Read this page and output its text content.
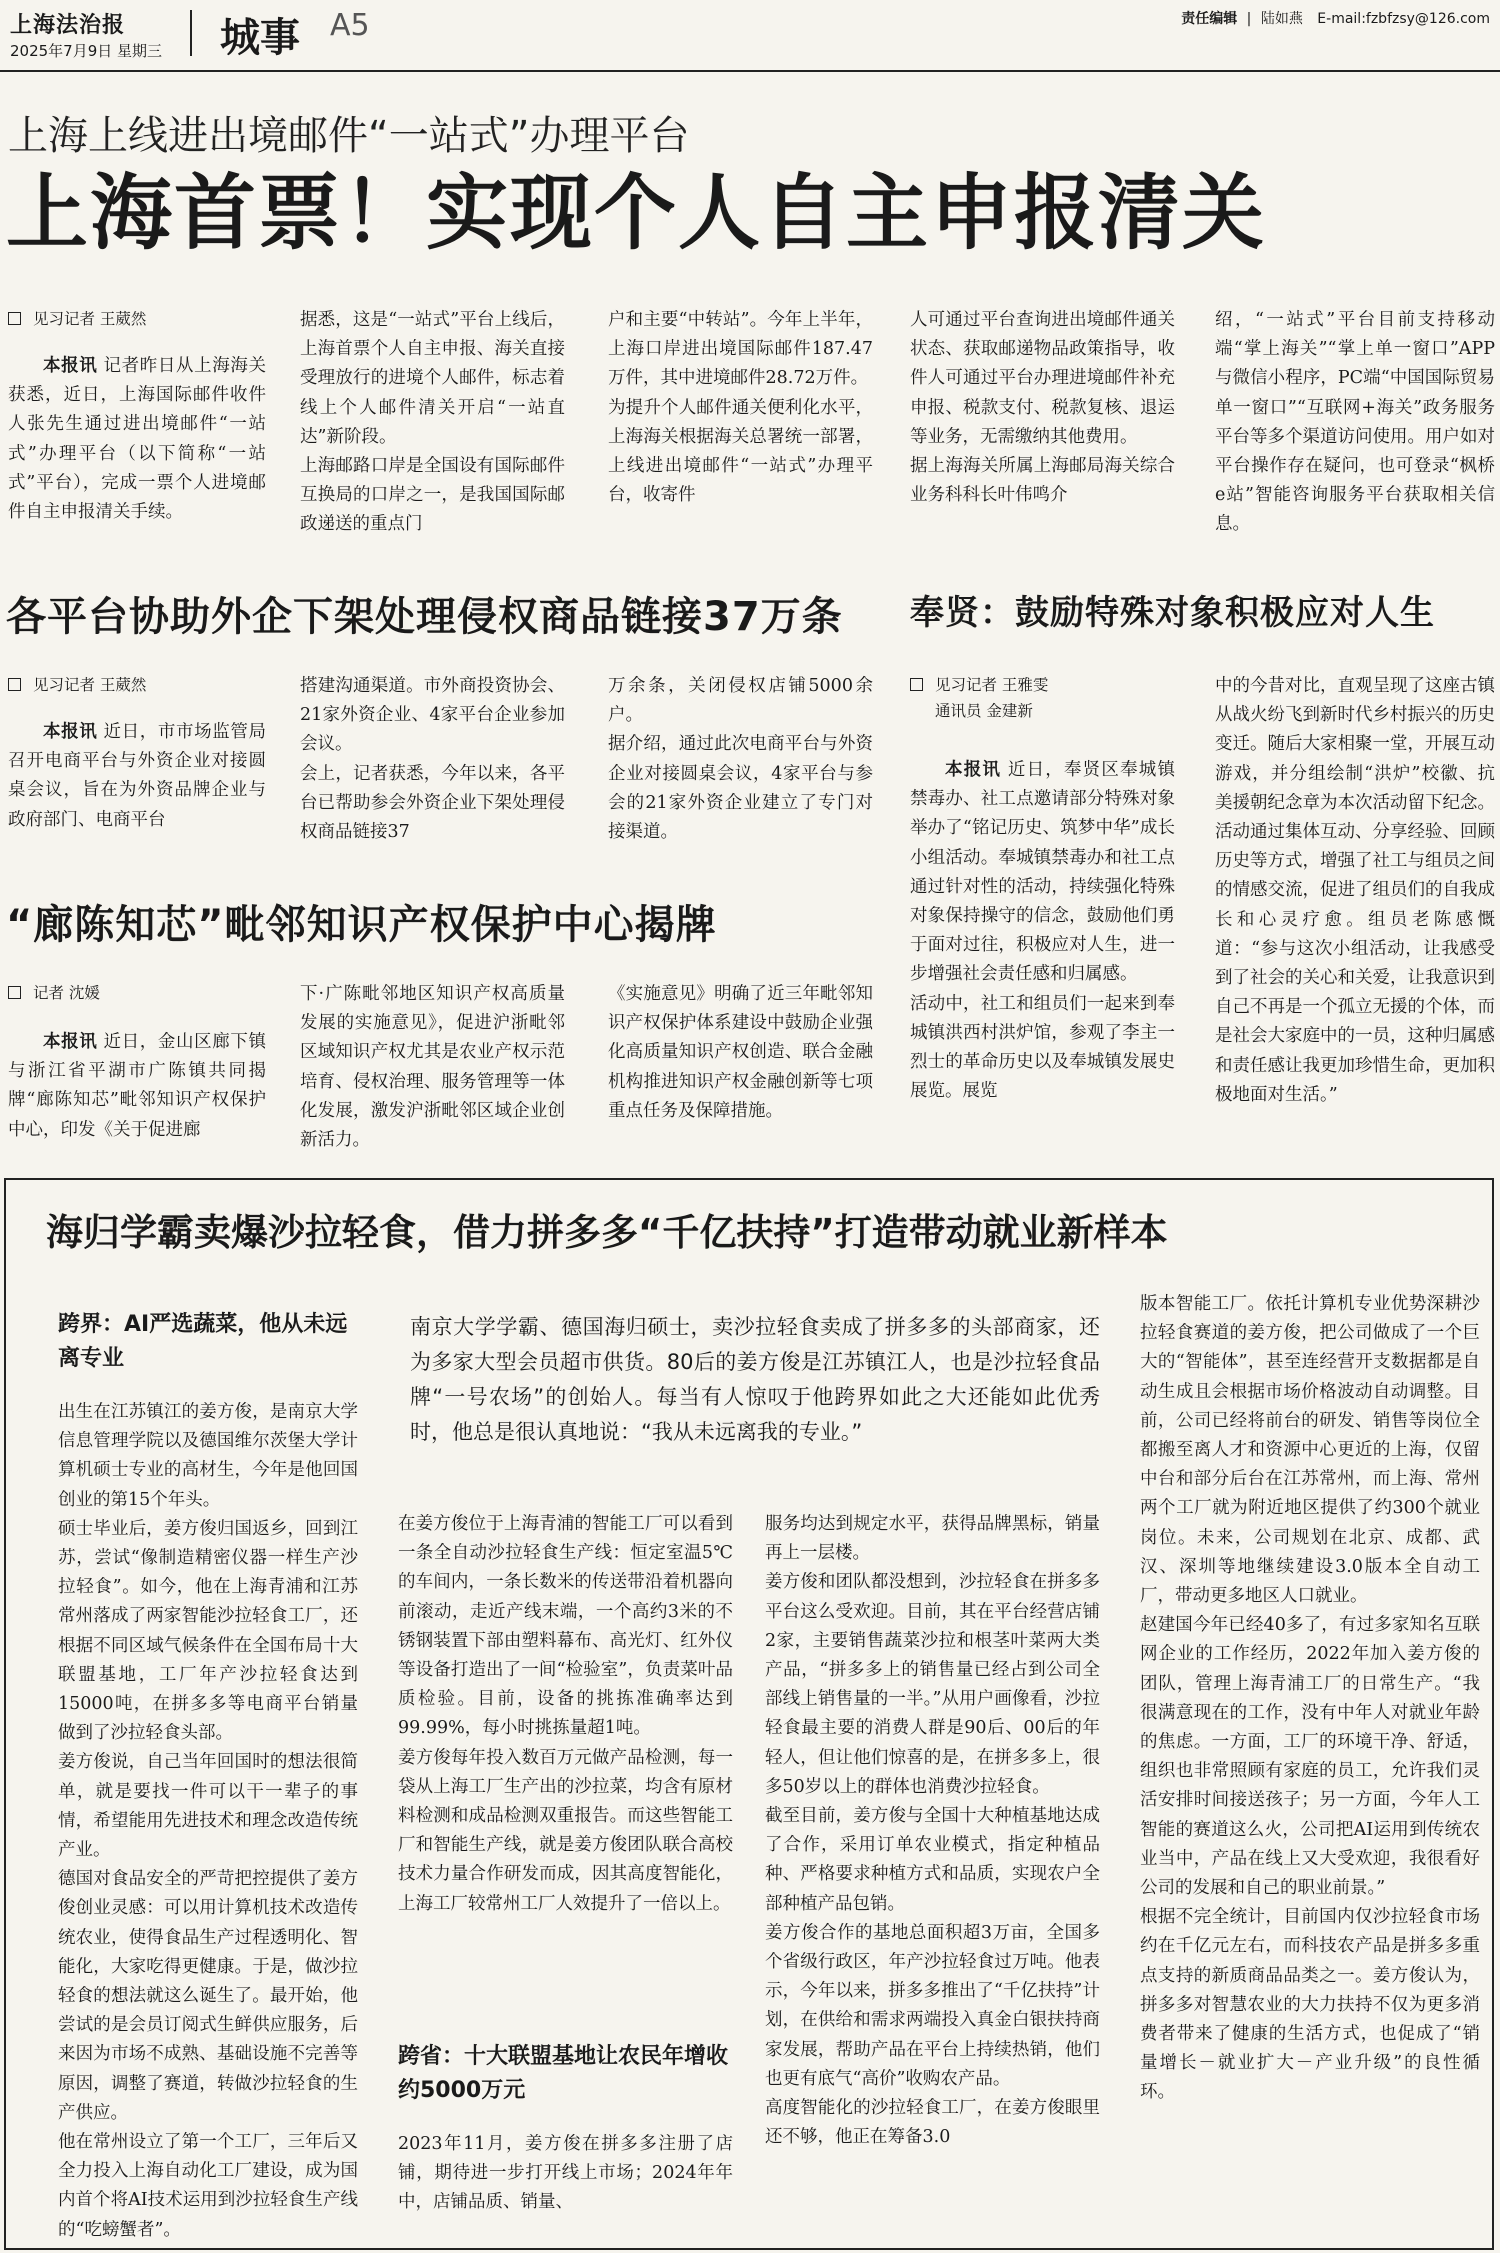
上海法治报
2025年7月9日 星期三 城事 A5	责任编辑 | 陆如燕 E-mail:fzbfzsy@126.com
上海上线进出境邮件“一站式”办理平台
上海首票！实现个人自主申报清关
见习记者 王葳然

本报讯 记者昨日从上海海关获悉，近日，上海国际邮件收件人张先生通过进出境邮件“一站式”办理平台（以下简称“一站式”平台），完成一票个人进境邮件自主申报清关手续。

据悉，这是“一站式”平台上线后，上海首票个人自主申报、海关直接受理放行的进境个人邮件，标志着线上个人邮件清关开启“一站直达”新阶段。
上海邮路口岸是全国设有国际邮件互换局的口岸之一，是我国国际邮政递送的重点门
户和主要“中转站”。今年上半年，上海口岸进出境国际邮件187.47万件，其中进境邮件28.72万件。
为提升个人邮件通关便利化水平，上海海关根据海关总署统一部署，上线进出境邮件“一站式”办理平台，收寄件
人可通过平台查询进出境邮件通关状态、获取邮递物品政策指导，收件人可通过平台办理进境邮件补充申报、税款支付、税款复核、退运等业务，无需缴纳其他费用。
据上海海关所属上海邮局海关综合业务科科长叶伟鸣介
绍，“一站式”平台目前支持移动端“掌上海关”“掌上单一窗口”APP与微信小程序，PC端“中国国际贸易单一窗口”“互联网+海关”政务服务平台等多个渠道访问使用。用户如对平台操作存在疑问，也可登录“枫桥e站”智能咨询服务平台获取相关信息。
各平台协助外企下架处理侵权商品链接37万条
见习记者 王葳然

本报讯 近日，市市场监管局召开电商平台与外资企业对接圆桌会议，旨在为外资品牌企业与政府部门、电商平台

搭建沟通渠道。市外商投资协会、21家外资企业、4家平台企业参加会议。
会上，记者获悉，今年以来，各平台已帮助参会外资企业下架处理侵权商品链接37
万余条，关闭侵权店铺5000余户。
据介绍，通过此次电商平台与外资企业对接圆桌会议，4家平台与参会的21家外资企业建立了专门对接渠道。
“廊陈知芯”毗邻知识产权保护中心揭牌
记者 沈媛

本报讯 近日，金山区廊下镇与浙江省平湖市广陈镇共同揭牌“廊陈知芯”毗邻知识产权保护中心，印发《关于促进廊

下·广陈毗邻地区知识产权高质量发展的实施意见》，促进沪浙毗邻区域知识产权尤其是农业产权示范培育、侵权治理、服务管理等一体化发展，激发沪浙毗邻区域企业创新活力。
《实施意见》明确了近三年毗邻知识产权保护体系建设中鼓励企业强化高质量知识产权创造、联合金融机构推进知识产权金融创新等七项重点任务及保障措施。
奉贤：鼓励特殊对象积极应对人生
见习记者 王雅雯
通讯员 金建新
本报讯 近日，奉贤区奉城镇禁毒办、社工点邀请部分特殊对象举办了“铭记历史、筑梦中华”成长小组活动。奉城镇禁毒办和社工点通过针对性的活动，持续强化特殊对象保持操守的信念，鼓励他们勇于面对过往，积极应对人生，进一步增强社会责任感和归属感。
活动中，社工和组员们一起来到奉城镇洪西村洪炉馆，参观了李主一烈士的革命历史以及奉城镇发展史展览。展览
中的今昔对比，直观呈现了这座古镇从战火纷飞到新时代乡村振兴的历史变迁。随后大家相聚一堂，开展互动游戏，并分组绘制“洪炉”校徽、抗美援朝纪念章为本次活动留下纪念。活动通过集体互动、分享经验、回顾历史等方式，增强了社工与组员之间的情感交流，促进了组员们的自我成长和心灵疗愈。组员老陈感慨道：“参与这次小组活动，让我感受到了社会的关心和关爱，让我意识到自己不再是一个孤立无援的个体，而是社会大家庭中的一员，这种归属感和责任感让我更加珍惜生命，更加积极地面对生活。”
海归学霸卖爆沙拉轻食，借力拼多多“千亿扶持”打造带动就业新样本
跨界：AI严选蔬菜，他从未远离专业
出生在江苏镇江的姜方俊，是南京大学信息管理学院以及德国维尔茨堡大学计算机硕士专业的高材生，今年是他回国创业的第15个年头。
硕士毕业后，姜方俊归国返乡，回到江苏，尝试“像制造精密仪器一样生产沙拉轻食”。如今，他在上海青浦和江苏常州落成了两家智能沙拉轻食工厂，还根据不同区域气候条件在全国布局十大联盟基地，工厂年产沙拉轻食达到15000吨，在拼多多等电商平台销量做到了沙拉轻食头部。
姜方俊说，自己当年回国时的想法很简单，就是要找一件可以干一辈子的事情，希望能用先进技术和理念改造传统产业。
德国对食品安全的严苛把控提供了姜方俊创业灵感：可以用计算机技术改造传统农业，使得食品生产过程透明化、智能化，大家吃得更健康。于是，做沙拉轻食的想法就这么诞生了。最开始，他尝试的是会员订阅式生鲜供应服务，后来因为市场不成熟、基础设施不完善等原因，调整了赛道，转做沙拉轻食的生产供应。
他在常州设立了第一个工厂，三年后又全力投入上海自动化工厂建设，成为国内首个将AI技术运用到沙拉轻食生产线的“吃螃蟹者”。
南京大学学霸、德国海归硕士，卖沙拉轻食卖成了拼多多的头部商家，还为多家大型会员超市供货。80后的姜方俊是江苏镇江人，也是沙拉轻食品牌“一号农场”的创始人。每当有人惊叹于他跨界如此之大还能如此优秀时，他总是很认真地说：“我从未远离我的专业。”
在姜方俊位于上海青浦的智能工厂可以看到一条全自动沙拉轻食生产线：恒定室温5℃的车间内，一条长数米的传送带沿着机器向前滚动，走近产线末端，一个高约3米的不锈钢装置下部由塑料幕布、高光灯、红外仪等设备打造出了一间“检验室”，负责菜叶品质检验。目前，设备的挑拣准确率达到99.99%，每小时挑拣量超1吨。
姜方俊每年投入数百万元做产品检测，每一袋从上海工厂生产出的沙拉菜，均含有原材料检测和成品检测双重报告。而这些智能工厂和智能生产线，就是姜方俊团队联合高校技术力量合作研发而成，因其高度智能化，上海工厂较常州工厂人效提升了一倍以上。
跨省：十大联盟基地让农民年增收约5000万元
2023年11月，姜方俊在拼多多注册了店铺，期待进一步打开线上市场；2024年年中，店铺品质、销量、
服务均达到规定水平，获得品牌黑标，销量再上一层楼。
姜方俊和团队都没想到，沙拉轻食在拼多多平台这么受欢迎。目前，其在平台经营店铺2家，主要销售蔬菜沙拉和根茎叶菜两大类产品，“拼多多上的销售量已经占到公司全部线上销售量的一半。”从用户画像看，沙拉轻食最主要的消费人群是90后、00后的年轻人，但让他们惊喜的是，在拼多多上，很多50岁以上的群体也消费沙拉轻食。
截至目前，姜方俊与全国十大种植基地达成了合作，采用订单农业模式，指定种植品种、严格要求种植方式和品质，实现农户全部种植产品包销。
姜方俊合作的基地总面积超3万亩，全国多个省级行政区，年产沙拉轻食过万吨。他表示，今年以来，拼多多推出了“千亿扶持”计划，在供给和需求两端投入真金白银扶持商家发展，帮助产品在平台上持续热销，他们也更有底气“高价”收购农产品。
高度智能化的沙拉轻食工厂，在姜方俊眼里还不够，他正在筹备3.0
版本智能工厂。依托计算机专业优势深耕沙拉轻食赛道的姜方俊，把公司做成了一个巨大的“智能体”，甚至连经营开支数据都是自动生成且会根据市场价格波动自动调整。目前，公司已经将前台的研发、销售等岗位全都搬至离人才和资源中心更近的上海，仅留中台和部分后台在江苏常州，而上海、常州两个工厂就为附近地区提供了约300个就业岗位。未来，公司规划在北京、成都、武汉、深圳等地继续建设3.0版本全自动工厂，带动更多地区人口就业。
赵建国今年已经40多了，有过多家知名互联网企业的工作经历，2022年加入姜方俊的团队，管理上海青浦工厂的日常生产。“我很满意现在的工作，没有中年人对就业年龄的焦虑。一方面，工厂的环境干净、舒适，组织也非常照顾有家庭的员工，允许我们灵活安排时间接送孩子；另一方面，今年人工智能的赛道这么火，公司把AI运用到传统农业当中，产品在线上又大受欢迎，我很看好公司的发展和自己的职业前景。”
根据不完全统计，目前国内仅沙拉轻食市场约在千亿元左右，而科技农产品是拼多多重点支持的新质商品品类之一。姜方俊认为，拼多多对智慧农业的大力扶持不仅为更多消费者带来了健康的生活方式，也促成了“销量增长－就业扩大－产业升级”的良性循环。
